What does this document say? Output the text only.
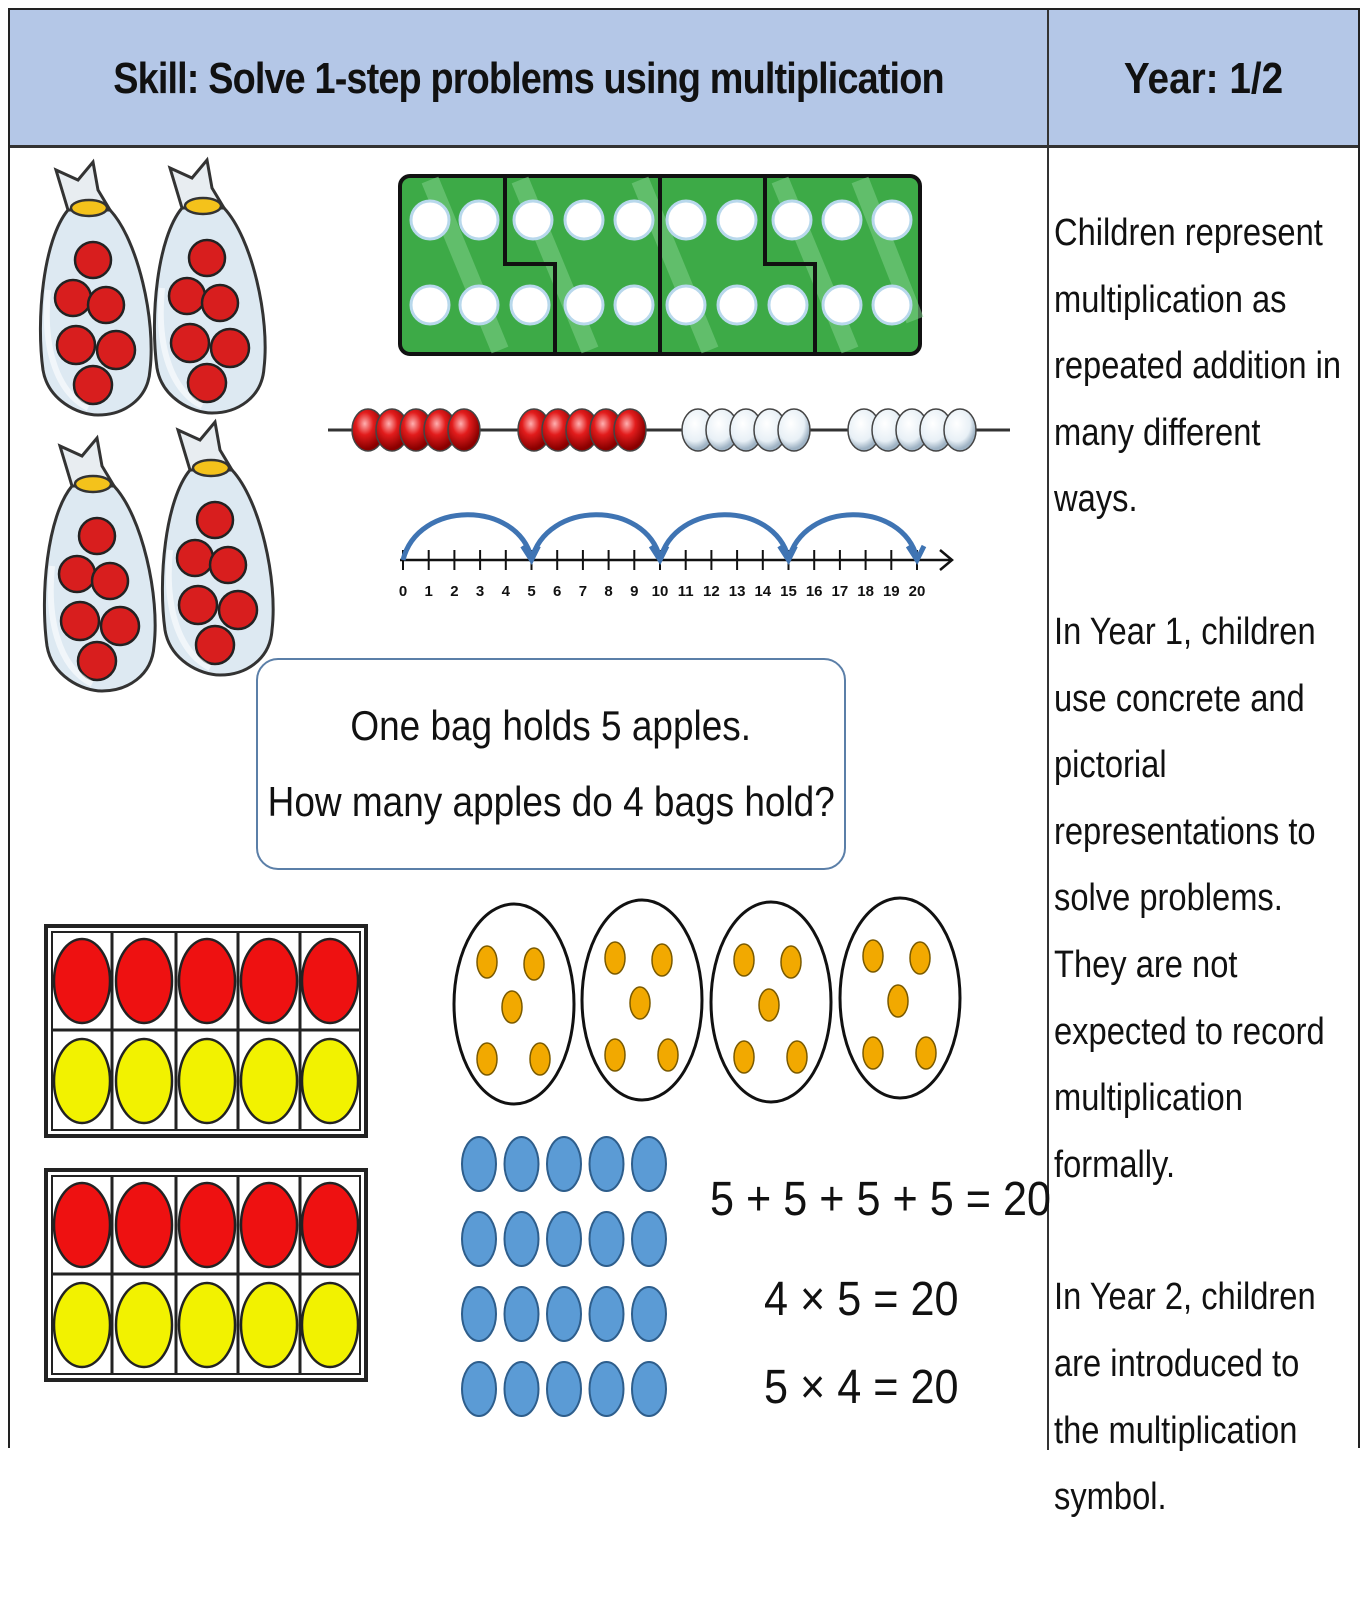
Skill: Solve 1-step problems using multiplication	Year: 1/2
0 1 2 3 4 5 6 7 8 9 10 11 12 13 14 15 16 17 18 19 20
One bag holds 5 apples.
How many apples do 4 bags hold?
5 + 5 + 5 + 5 = 20
4 × 5 = 20
5 × 4 = 20

Children represent multiplication as repeated addition in many different ways.

In Year 1, children use concrete and pictorial representations to solve problems. They are not expected to record multiplication formally.

In Year 2, children are introduced to the multiplication symbol.
